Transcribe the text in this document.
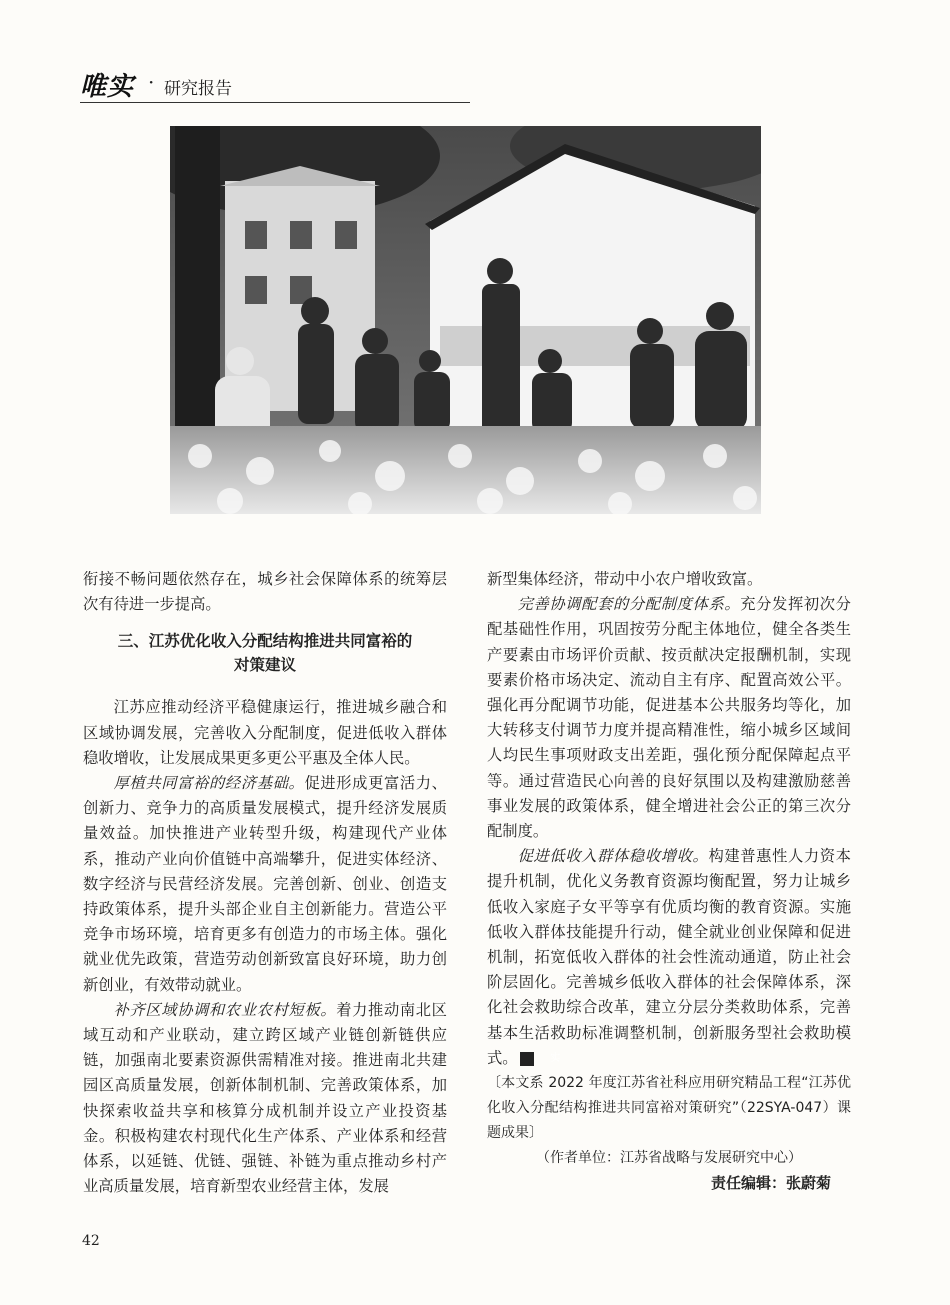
唯实 · 研究报告

衔接不畅问题依然存在，城乡社会保障体系的统筹层次有待进一步提高。

三、江苏优化收入分配结构推进共同富裕的
对策建议

江苏应推动经济平稳健康运行，推进城乡融合和区域协调发展，完善收入分配制度，促进低收入群体稳收增收，让发展成果更多更公平惠及全体人民。

厚植共同富裕的经济基础。促进形成更富活力、创新力、竞争力的高质量发展模式，提升经济发展质量效益。加快推进产业转型升级，构建现代产业体系，推动产业向价值链中高端攀升，促进实体经济、数字经济与民营经济发展。完善创新、创业、创造支持政策体系，提升头部企业自主创新能力。营造公平竞争市场环境，培育更多有创造力的市场主体。强化就业优先政策，营造劳动创新致富良好环境，助力创新创业，有效带动就业。

补齐区域协调和农业农村短板。着力推动南北区域互动和产业联动，建立跨区域产业链创新链供应链，加强南北要素资源供需精准对接。推进南北共建园区高质量发展，创新体制机制、完善政策体系，加快探索收益共享和核算分成机制并设立产业投资基金。积极构建农村现代化生产体系、产业体系和经营体系，以延链、优链、强链、补链为重点推动乡村产业高质量发展，培育新型农业经营主体，发展

新型集体经济，带动中小农户增收致富。

完善协调配套的分配制度体系。充分发挥初次分配基础性作用，巩固按劳分配主体地位，健全各类生产要素由市场评价贡献、按贡献决定报酬机制，实现要素价格市场决定、流动自主有序、配置高效公平。强化再分配调节功能，促进基本公共服务均等化，加大转移支付调节力度并提高精准性，缩小城乡区域间人均民生事项财政支出差距，强化预分配保障起点平等。通过营造民心向善的良好氛围以及构建激励慈善事业发展的政策体系，健全增进社会公正的第三次分配制度。

促进低收入群体稳收增收。构建普惠性人力资本提升机制，优化义务教育资源均衡配置，努力让城乡低收入家庭子女平等享有优质均衡的教育资源。实施低收入群体技能提升行动，健全就业创业保障和促进机制，拓宽低收入群体的社会性流动通道，防止社会阶层固化。完善城乡低收入群体的社会保障体系，深化社会救助综合改革，建立分层分类救助体系，完善基本生活救助标准调整机制，创新服务型社会救助模式。	实

〔本文系 2022 年度江苏省社科应用研究精品工程“江苏优化收入分配结构推进共同富裕对策研究”（22SYA-047）课题成果〕

（作者单位：江苏省战略与发展研究中心）

责任编辑：张蔚菊

42
